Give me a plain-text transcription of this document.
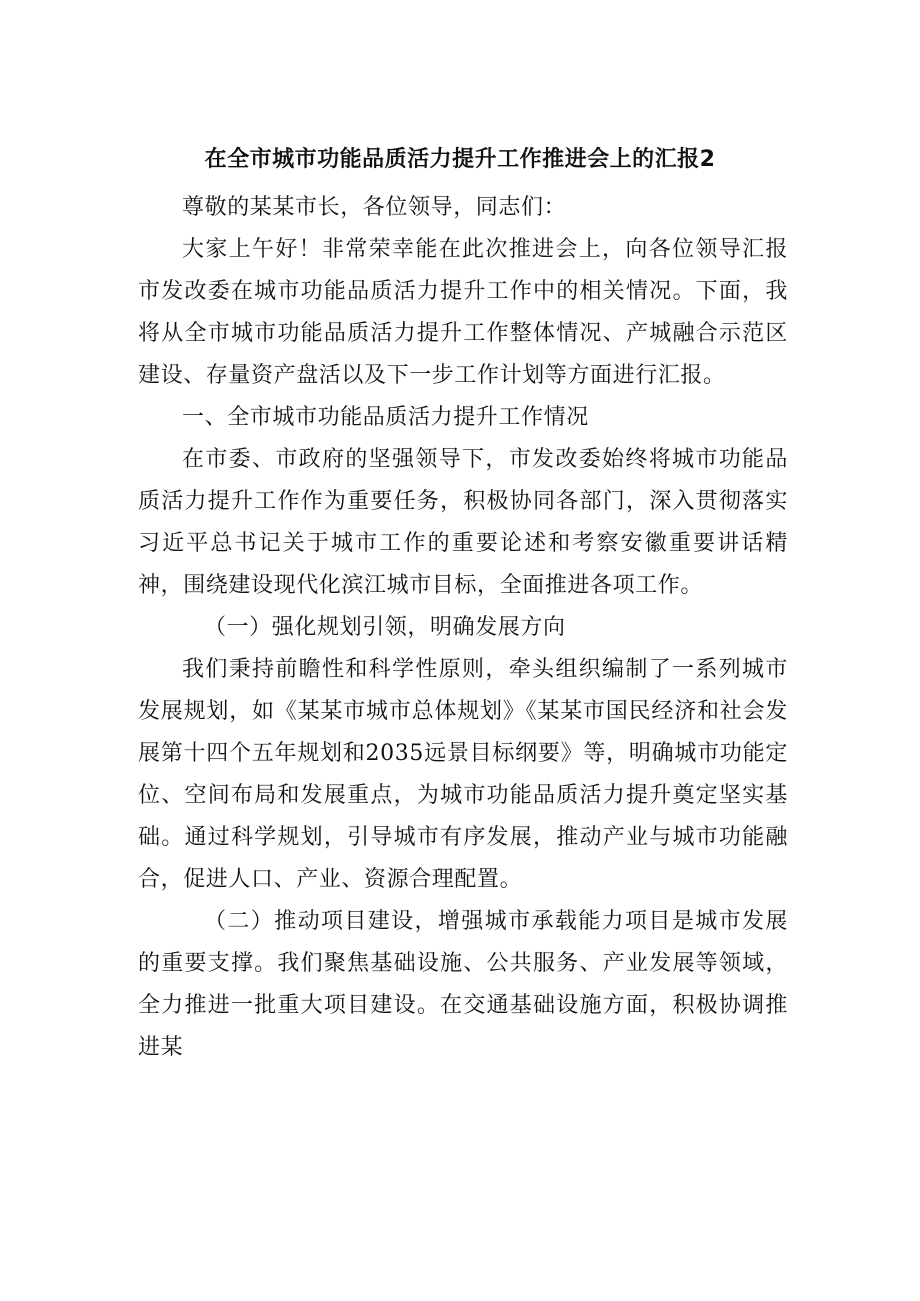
在全市城市功能品质活力提升工作推进会上的汇报2

尊敬的某某市长，各位领导，同志们：

大家上午好！非常荣幸能在此次推进会上，向各位领导汇报市发改委在城市功能品质活力提升工作中的相关情况。下面，我将从全市城市功能品质活力提升工作整体情况、产城融合示范区建设、存量资产盘活以及下一步工作计划等方面进行汇报。

一、全市城市功能品质活力提升工作情况

在市委、市政府的坚强领导下，市发改委始终将城市功能品质活力提升工作作为重要任务，积极协同各部门，深入贯彻落实习近平总书记关于城市工作的重要论述和考察安徽重要讲话精神，围绕建设现代化滨江城市目标，全面推进各项工作。

（一）强化规划引领，明确发展方向

我们秉持前瞻性和科学性原则，牵头组织编制了一系列城市发展规划，如《某某市城市总体规划》《某某市国民经济和社会发展第十四个五年规划和2035远景目标纲要》等，明确城市功能定位、空间布局和发展重点，为城市功能品质活力提升奠定坚实基础。通过科学规划，引导城市有序发展，推动产业与城市功能融合，促进人口、产业、资源合理配置。

（二）推动项目建设，增强城市承载能力项目是城市发展的重要支撑。我们聚焦基础设施、公共服务、产业发展等领域，全力推进一批重大项目建设。在交通基础设施方面，积极协调推进某
